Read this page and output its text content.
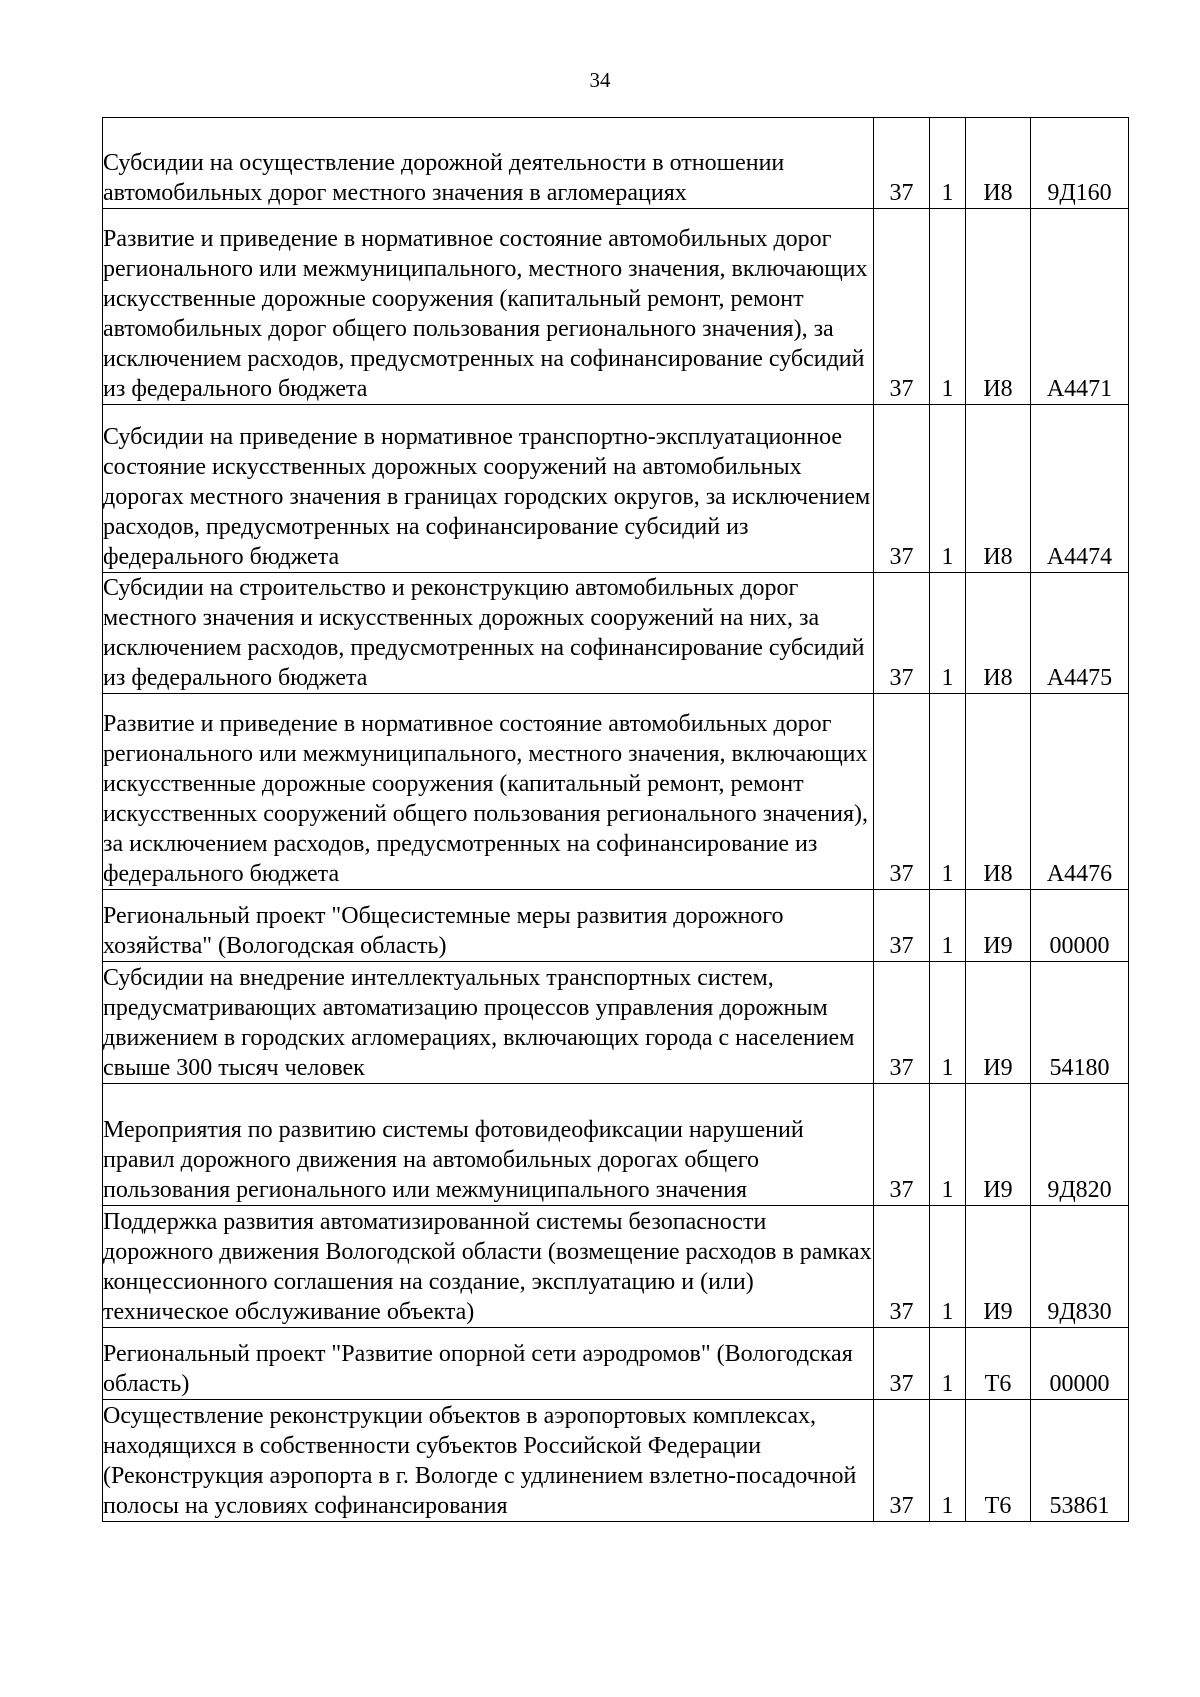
34
Субсидии на осуществление дорожной деятельности в отношении автомобильных дорог местного значения в агломерациях	37	1	И8	9Д160
Развитие и приведение в нормативное состояние автомобильных дорог регионального или межмуниципального, местного значения, включающих искусственные дорожные сооружения (капитальный ремонт, ремонт автомобильных дорог общего пользования регионального значения), за исключением расходов, предусмотренных на софинансирование субсидий из федерального бюджета	37	1	И8	А4471
Субсидии на приведение в нормативное транспортно-эксплуатационное состояние искусственных дорожных сооружений на автомобильных дорогах местного значения в границах городских округов, за исключением расходов, предусмотренных на софинансирование субсидий из федерального бюджета	37	1	И8	А4474
Субсидии на строительство и реконструкцию автомобильных дорог местного значения и искусственных дорожных сооружений на них, за исключением расходов, предусмотренных на софинансирование субсидий из федерального бюджета	37	1	И8	А4475
Развитие и приведение в нормативное состояние автомобильных дорог регионального или межмуниципального, местного значения, включающих искусственные дорожные сооружения (капитальный ремонт, ремонт искусственных сооружений общего пользования регионального значения), за исключением расходов, предусмотренных на софинансирование из федерального бюджета	37	1	И8	А4476
Региональный проект "Общесистемные меры развития дорожного хозяйства" (Вологодская область)	37	1	И9	00000
Субсидии на внедрение интеллектуальных транспортных систем, предусматривающих автоматизацию процессов управления дорожным движением в городских агломерациях, включающих города с населением свыше 300 тысяч человек	37	1	И9	54180
Мероприятия по развитию системы фотовидеофиксации нарушений правил дорожного движения на автомобильных дорогах общего пользования регионального или межмуниципального значения	37	1	И9	9Д820
Поддержка развития автоматизированной системы безопасности дорожного движения Вологодской области (возмещение расходов в рамках концессионного соглашения на создание, эксплуатацию и (или) техническое обслуживание объекта)	37	1	И9	9Д830
Региональный проект "Развитие опорной сети аэродромов" (Вологодская область)	37	1	Т6	00000
Осуществление реконструкции объектов в аэропортовых комплексах, находящихся в собственности субъектов Российской Федерации (Реконструкция аэропорта в г. Вологде с удлинением взлетно-посадочной полосы на условиях софинансирования	37	1	Т6	53861
